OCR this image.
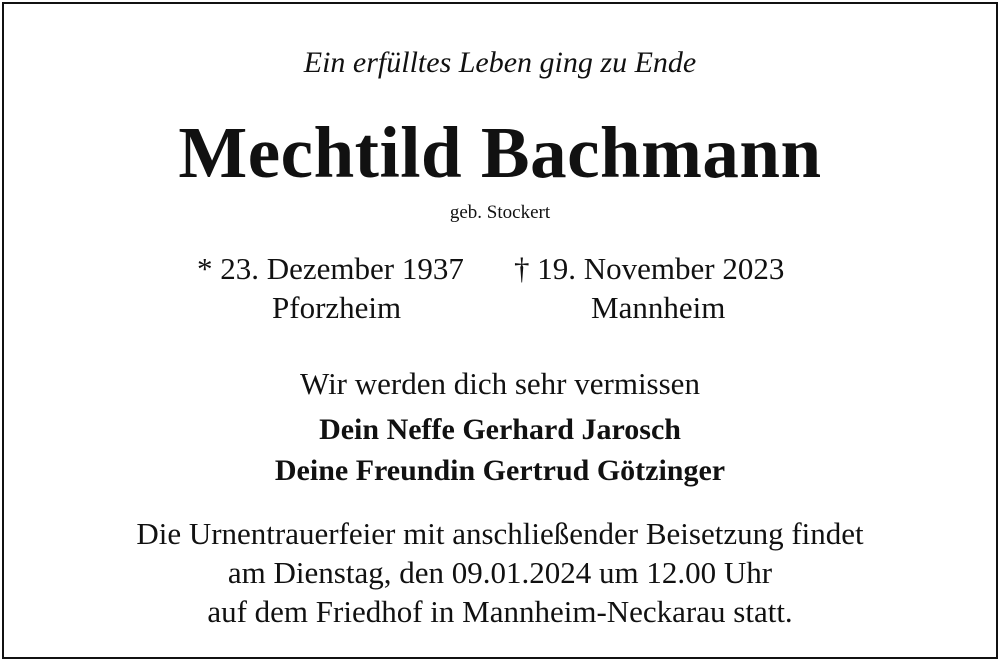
Ein erfülltes Leben ging zu Ende
Mechtild Bachmann
geb. Stockert
* 23. Dezember 1937 † 19. November 2023
Pforzheim	Mannheim
Wir werden dich sehr vermissen
Dein Neffe Gerhard Jarosch
Deine Freundin Gertrud Götzinger
Die Urnentrauerfeier mit anschließender Beisetzung findet
am Dienstag, den 09.01.2024 um 12.00 Uhr
auf dem Friedhof in Mannheim-Neckarau statt.
